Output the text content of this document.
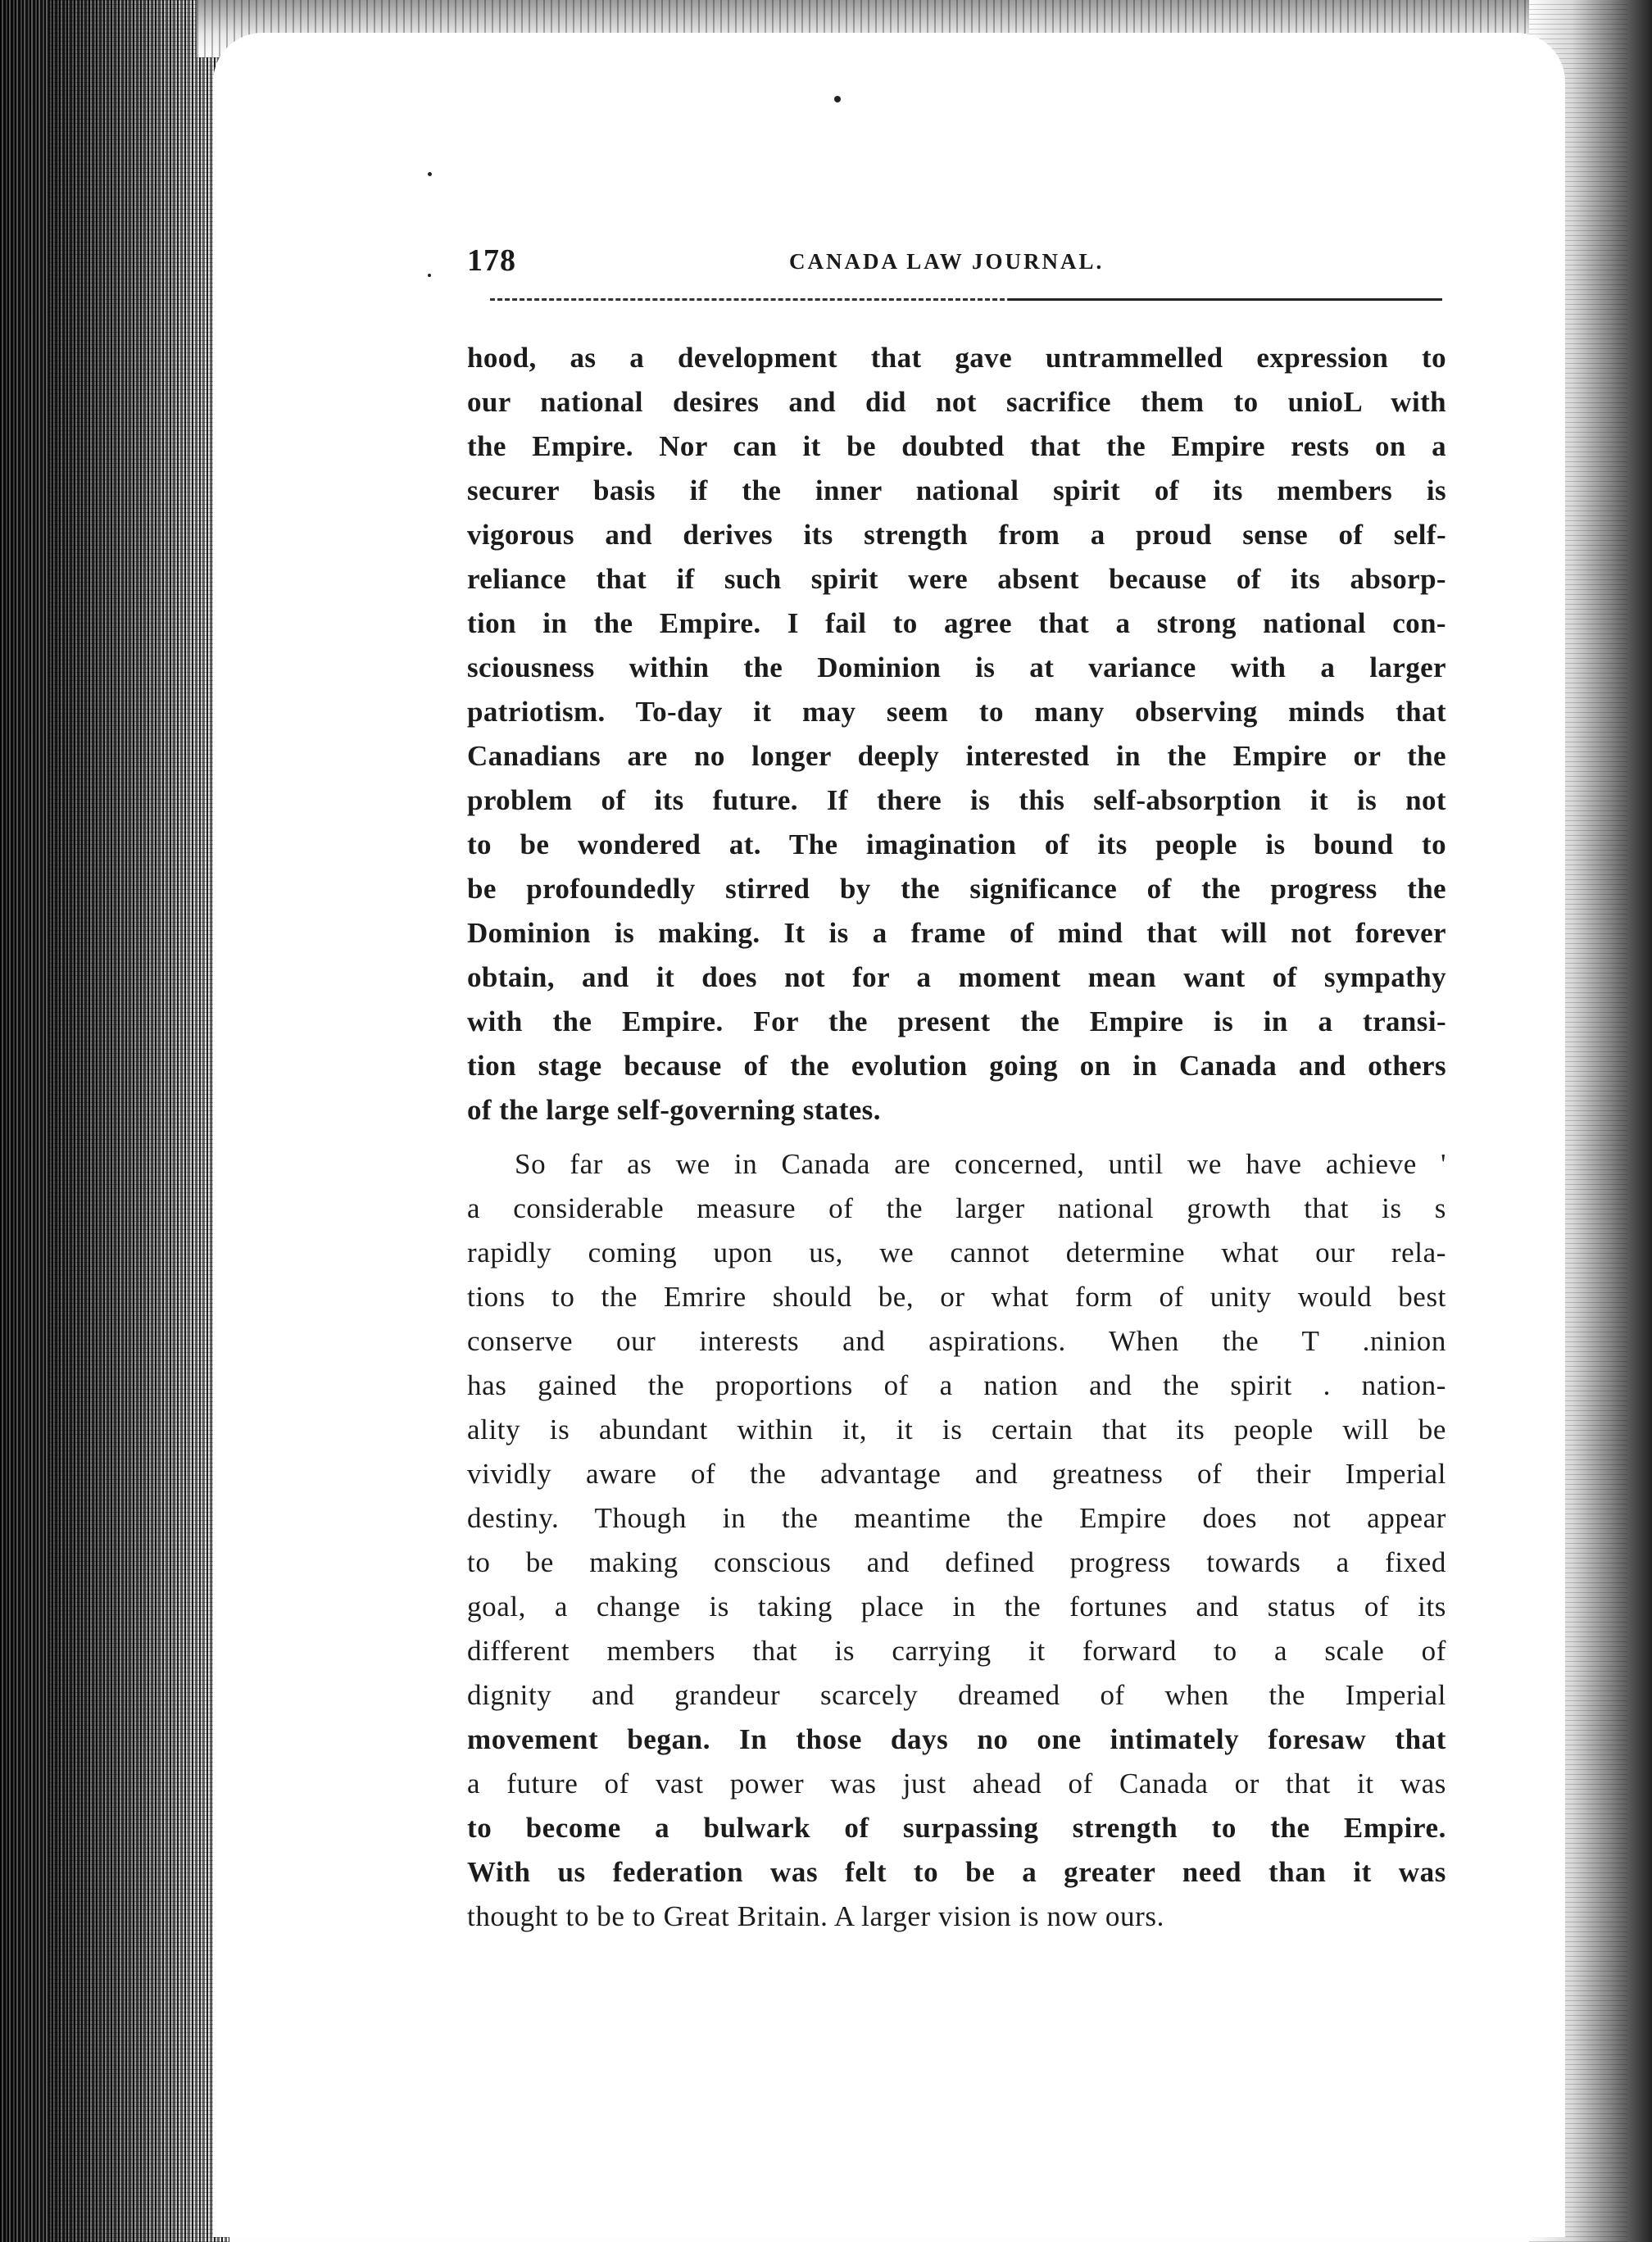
178	CANADA LAW JOURNAL.
hood, as a development that gave untrammelled expression to
our national desires and did not sacrifice them to unioL with
the Empire. Nor can it be doubted that the Empire rests on a
securer basis if the inner national spirit of its members is
vigorous and derives its strength from a proud sense of self-
reliance that if such spirit were absent because of its absorp-
tion in the Empire. I fail to agree that a strong national con-
sciousness within the Dominion is at variance with a larger
patriotism. To-day it may seem to many observing minds that
Canadians are no longer deeply interested in the Empire or the
problem of its future. If there is this self-absorption it is not
to be wondered at. The imagination of its people is bound to
be profoundedly stirred by the significance of the progress the
Dominion is making. It is a frame of mind that will not forever
obtain, and it does not for a moment mean want of sympathy
with the Empire. For the present the Empire is in a transi-
tion stage because of the evolution going on in Canada and others
of the large self-governing states.
So far as we in Canada are concerned, until we have achieve '
a considerable measure of the larger national growth that is s
rapidly coming upon us, we cannot determine what our rela-
tions to the Emrire should be, or what form of unity would best
conserve our interests and aspirations. When the T .ninion
has gained the proportions of a nation and the spirit . nation-
ality is abundant within it, it is certain that its people will be
vividly aware of the advantage and greatness of their Imperial
destiny. Though in the meantime the Empire does not appear
to be making conscious and defined progress towards a fixed
goal, a change is taking place in the fortunes and status of its
different members that is carrying it forward to a scale of
dignity and grandeur scarcely dreamed of when the Imperial
movement began. In those days no one intimately foresaw that
a future of vast power was just ahead of Canada or that it was
to become a bulwark of surpassing strength to the Empire.
With us federation was felt to be a greater need than it was
thought to be to Great Britain. A larger vision is now ours.
